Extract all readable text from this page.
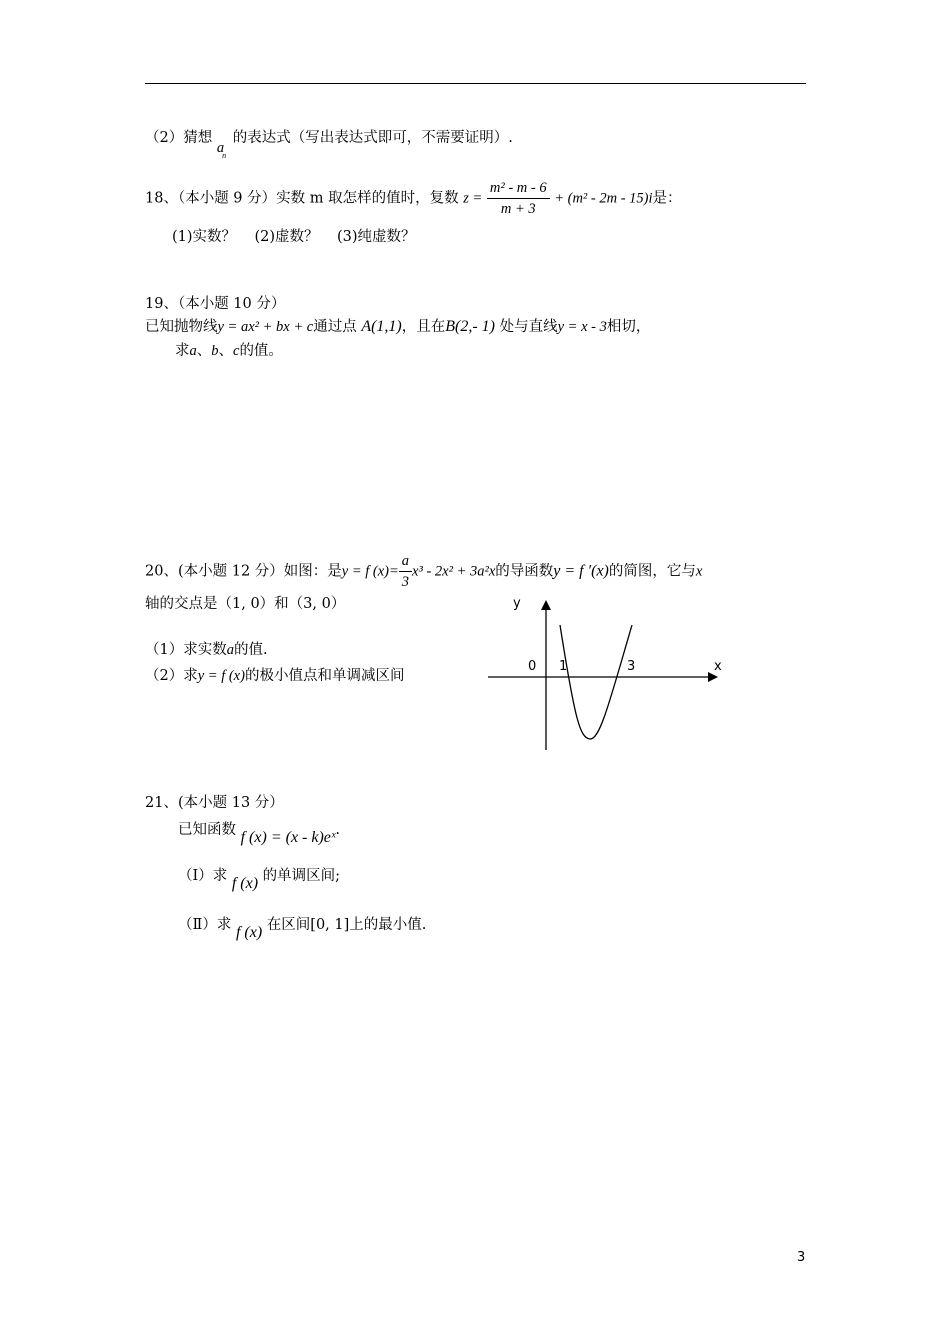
（2）猜想 $a_n$ 的表达式（写出表达式即可，不需要证明）.
18、（本小题 9 分）实数 m 取怎样的值时，复数 $z = \frac{\text{m² - m - 6}}{m + 3} + (m^2 - 2m - 15)i$是：
(1)实数？ (2)虚数？ (3)纯虚数？
19、（本小题 10 分）
已知抛物线y = ax² + bx + c通过点 A(1,1)，且在B(2,- 1) 处与直线y = x - 3相切，
求a、b、c的值。
20、(本小题 12 分）如图：是y = f $(x)= \frac{a}{3} x^3 - 2x^2 + 3a^2x$的导函数y = f ′(x)的简图，它与x
轴的交点是（1, 0）和（3, 0）
（1）求实数a的值.
（2）求y = f (x)的极小值点和单调减区间
y
x
0 1	3
21、(本小题 13 分）
已知函数 f (x) = (x - k)eˣ.
（Ⅰ）求 f (x) 的单调区间;
（Ⅱ）求 f (x) 在区间[0, 1]上的最小值.
3
